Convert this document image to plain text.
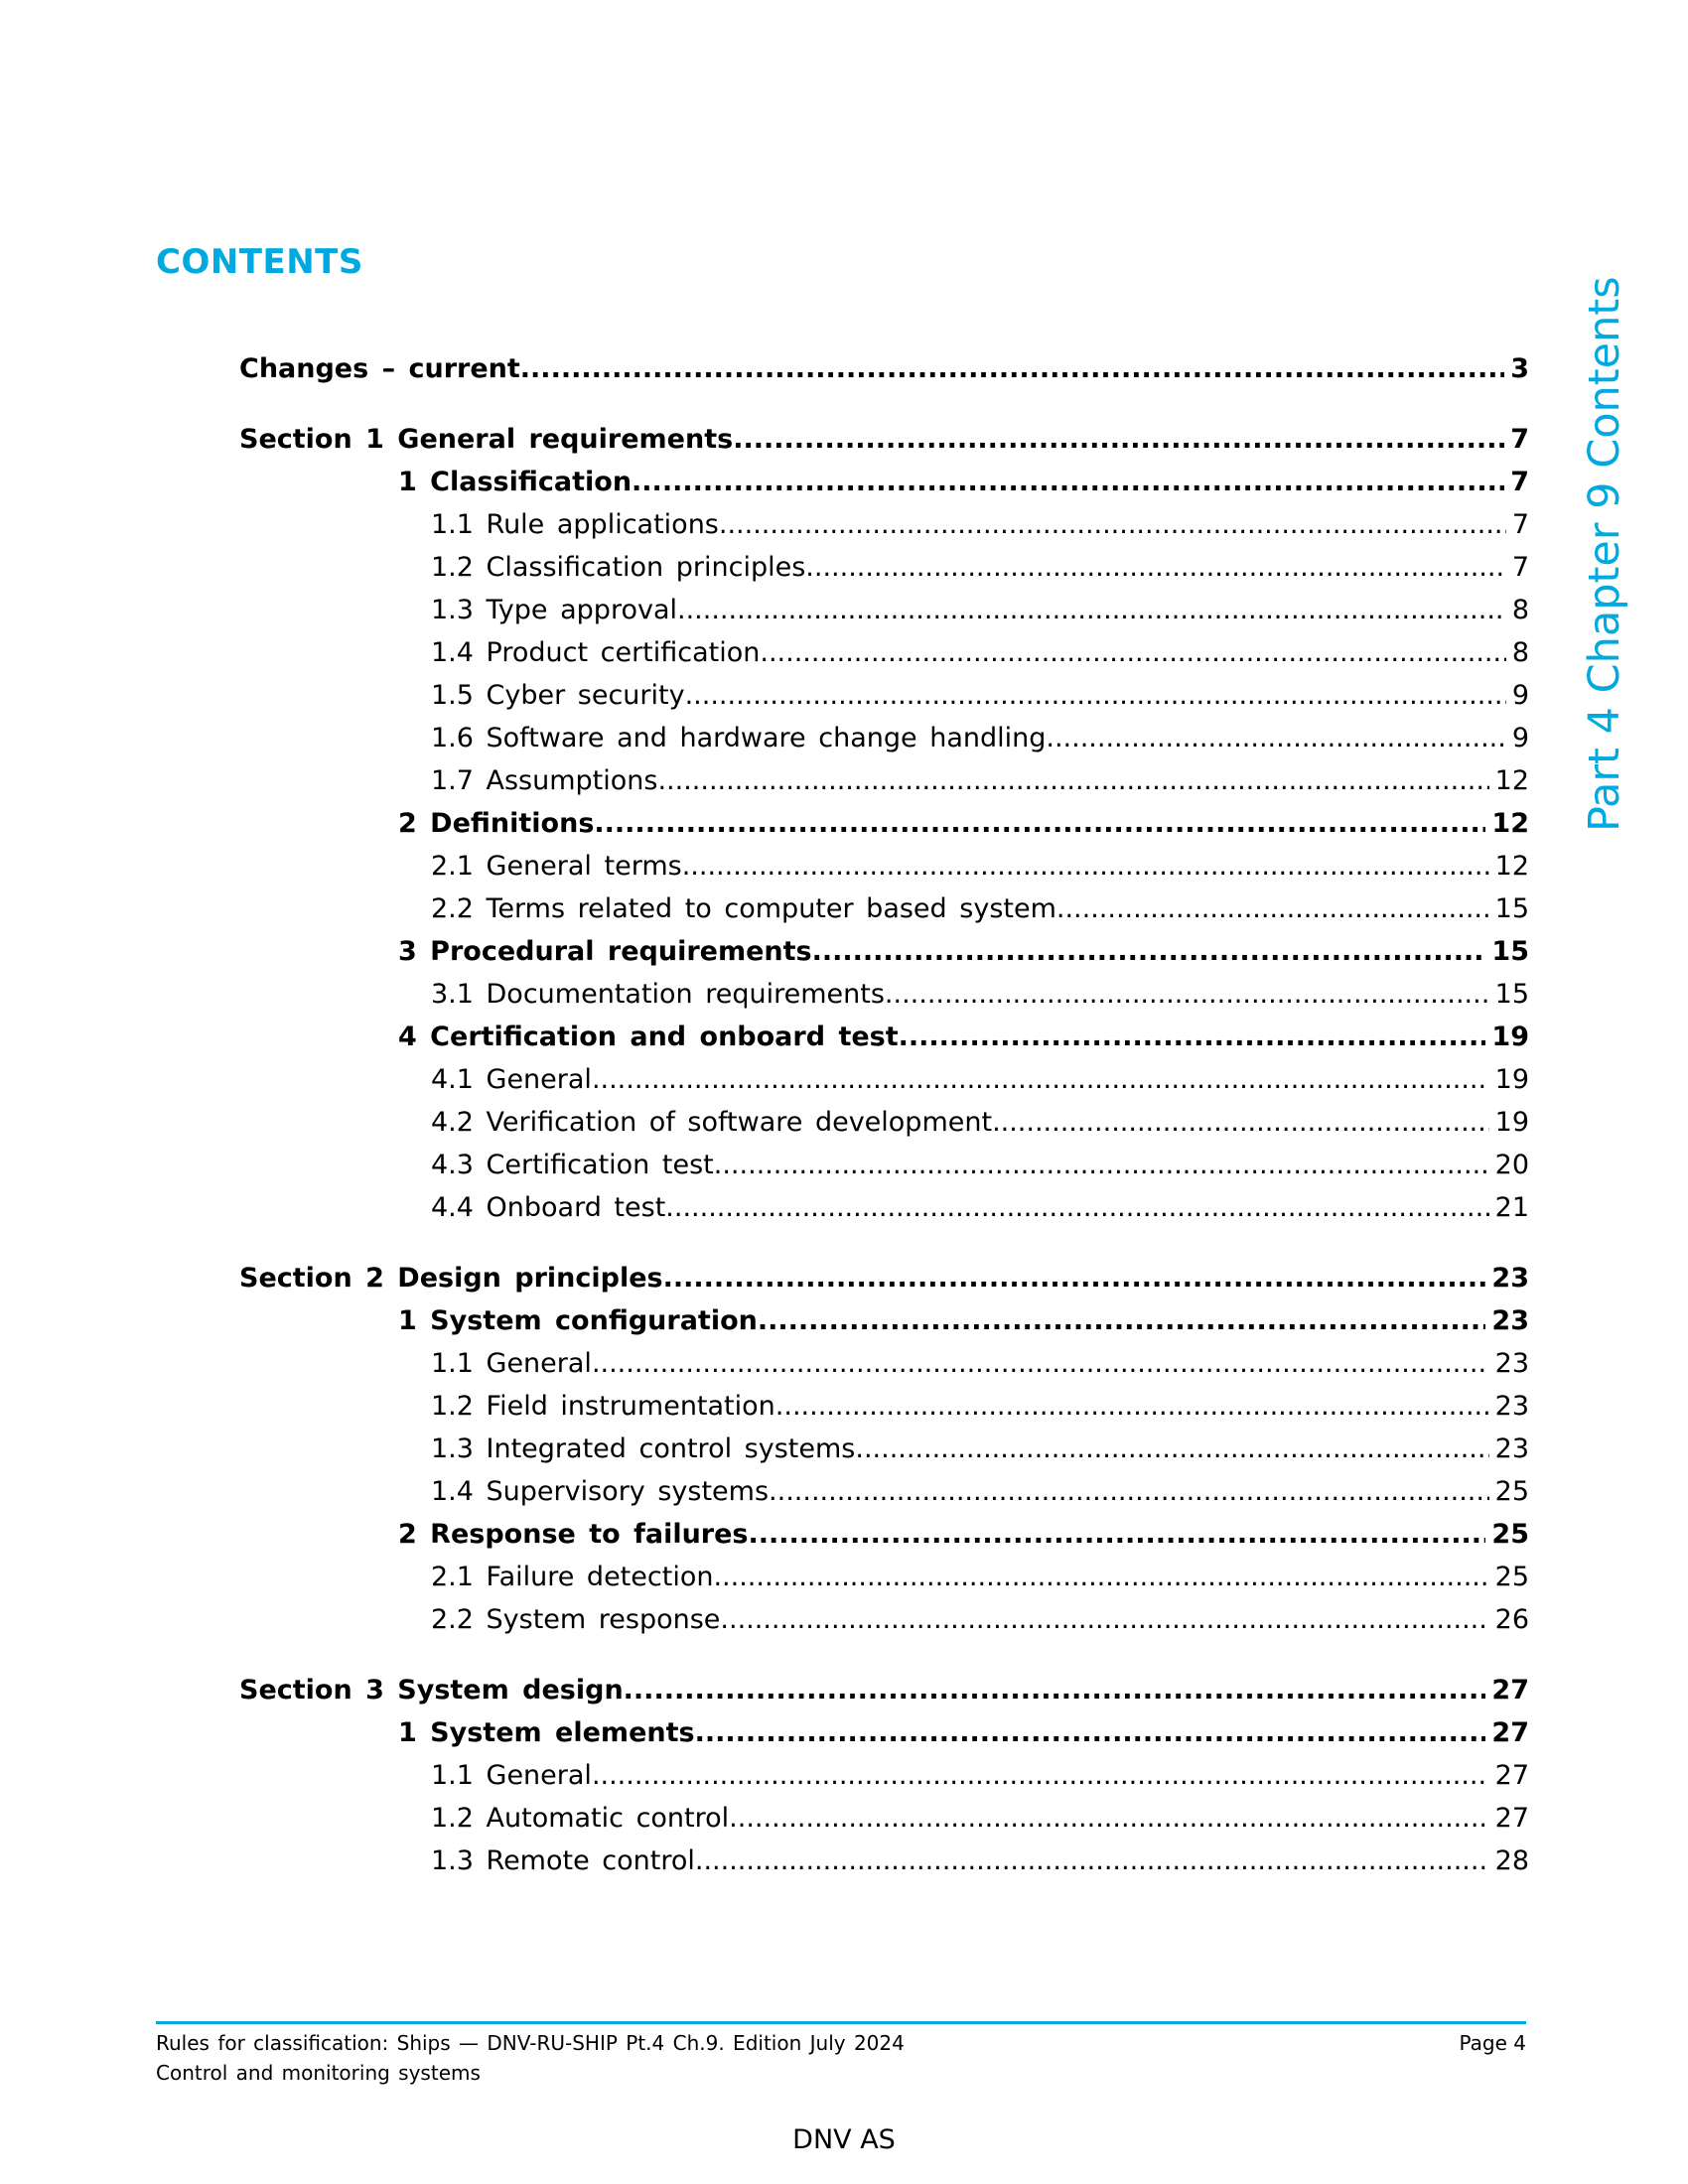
CONTENTS
Part 4 Chapter 9 Contents
Changes – current .....	3
Section 1 General requirements .....	7
1 Classification .....	7
1.1 Rule applications .....	7
1.2 Classification principles .....	7
1.3 Type approval .....	8
1.4 Product certification .....	8
1.5 Cyber security .....	9
1.6 Software and hardware change handling .....	9
1.7 Assumptions .....	12
2 Definitions .....	12
2.1 General terms .....	12
2.2 Terms related to computer based system .....	15
3 Procedural requirements .....	15
3.1 Documentation requirements .....	15
4 Certification and onboard test .....	19
4.1 General .....	19
4.2 Verification of software development .....	19
4.3 Certification test .....	20
4.4 Onboard test .....	21
Section 2 Design principles .....	23
1 System configuration .....	23
1.1 General .....	23
1.2 Field instrumentation .....	23
1.3 Integrated control systems .....	23
1.4 Supervisory systems .....	25
2 Response to failures .....	25
2.1 Failure detection .....	25
2.2 System response .....	26
Section 3 System design .....	27
1 System elements .....	27
1.1 General .....	27
1.2 Automatic control .....	27
1.3 Remote control .....	28
Rules for classification: Ships — DNV-RU-SHIP Pt.4 Ch.9. Edition July 2024
Control and monitoring systems
Page 4
DNV AS
